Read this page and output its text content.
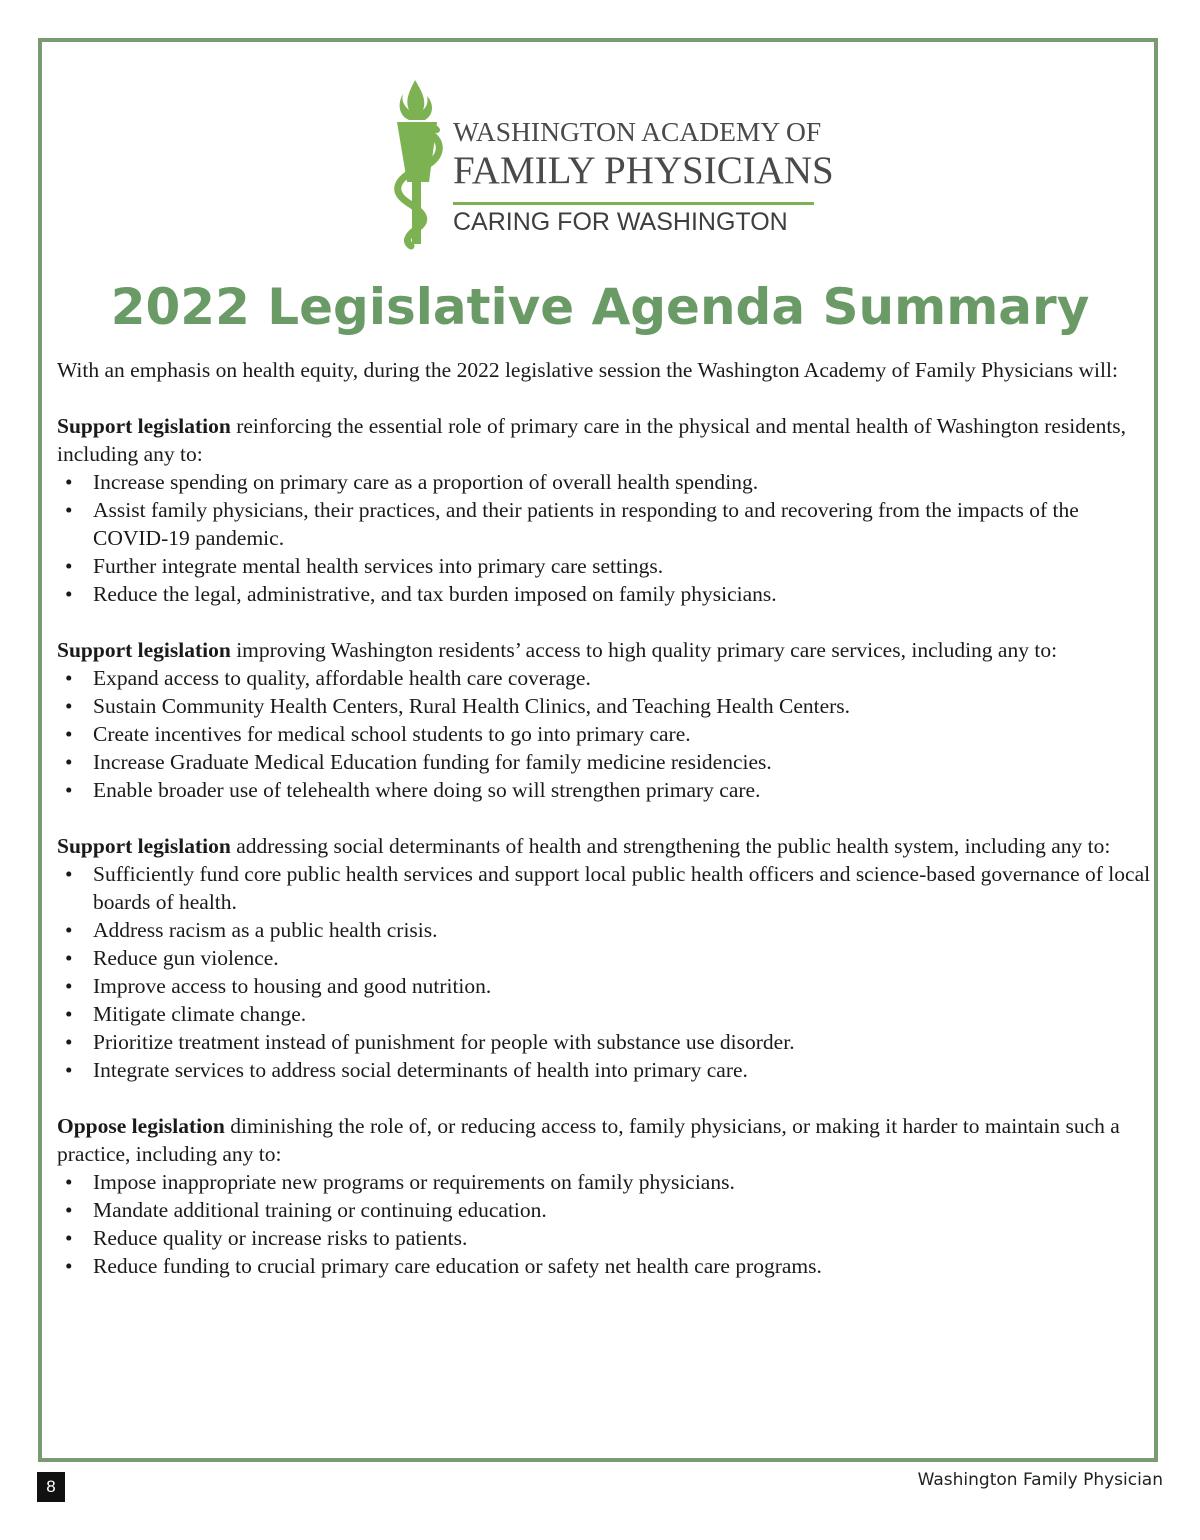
WASHINGTON ACADEMY OF
FAMILY PHYSICIANS
CARING FOR WASHINGTON
2022 Legislative Agenda Summary

With an emphasis on health equity, during the 2022 legislative session the Washington Academy of Family Physicians will:

Support legislation reinforcing the essential role of primary care in the physical and mental health of Washington residents, including any to:

• Increase spending on primary care as a proportion of overall health spending.
• Assist family physicians, their practices, and their patients in responding to and recovering from the impacts of the COVID-19 pandemic.
• Further integrate mental health services into primary care settings.
• Reduce the legal, administrative, and tax burden imposed on family physicians.

Support legislation improving Washington residents’ access to high quality primary care services, including any to:

• Expand access to quality, affordable health care coverage.
• Sustain Community Health Centers, Rural Health Clinics, and Teaching Health Centers.
• Create incentives for medical school students to go into primary care.
• Increase Graduate Medical Education funding for family medicine residencies.
• Enable broader use of telehealth where doing so will strengthen primary care.

Support legislation addressing social determinants of health and strengthening the public health system, including any to:

• Sufficiently fund core public health services and support local public health officers and science-based governance of local boards of health.
• Address racism as a public health crisis.
• Reduce gun violence.
• Improve access to housing and good nutrition.
• Mitigate climate change.
• Prioritize treatment instead of punishment for people with substance use disorder.
• Integrate services to address social determinants of health into primary care.

Oppose legislation diminishing the role of, or reducing access to, family physicians, or making it harder to maintain such a practice, including any to:

• Impose inappropriate new programs or requirements on family physicians.
• Mandate additional training or continuing education.
• Reduce quality or increase risks to patients.
• Reduce funding to crucial primary care education or safety net health care programs.
8	Washington Family Physician
